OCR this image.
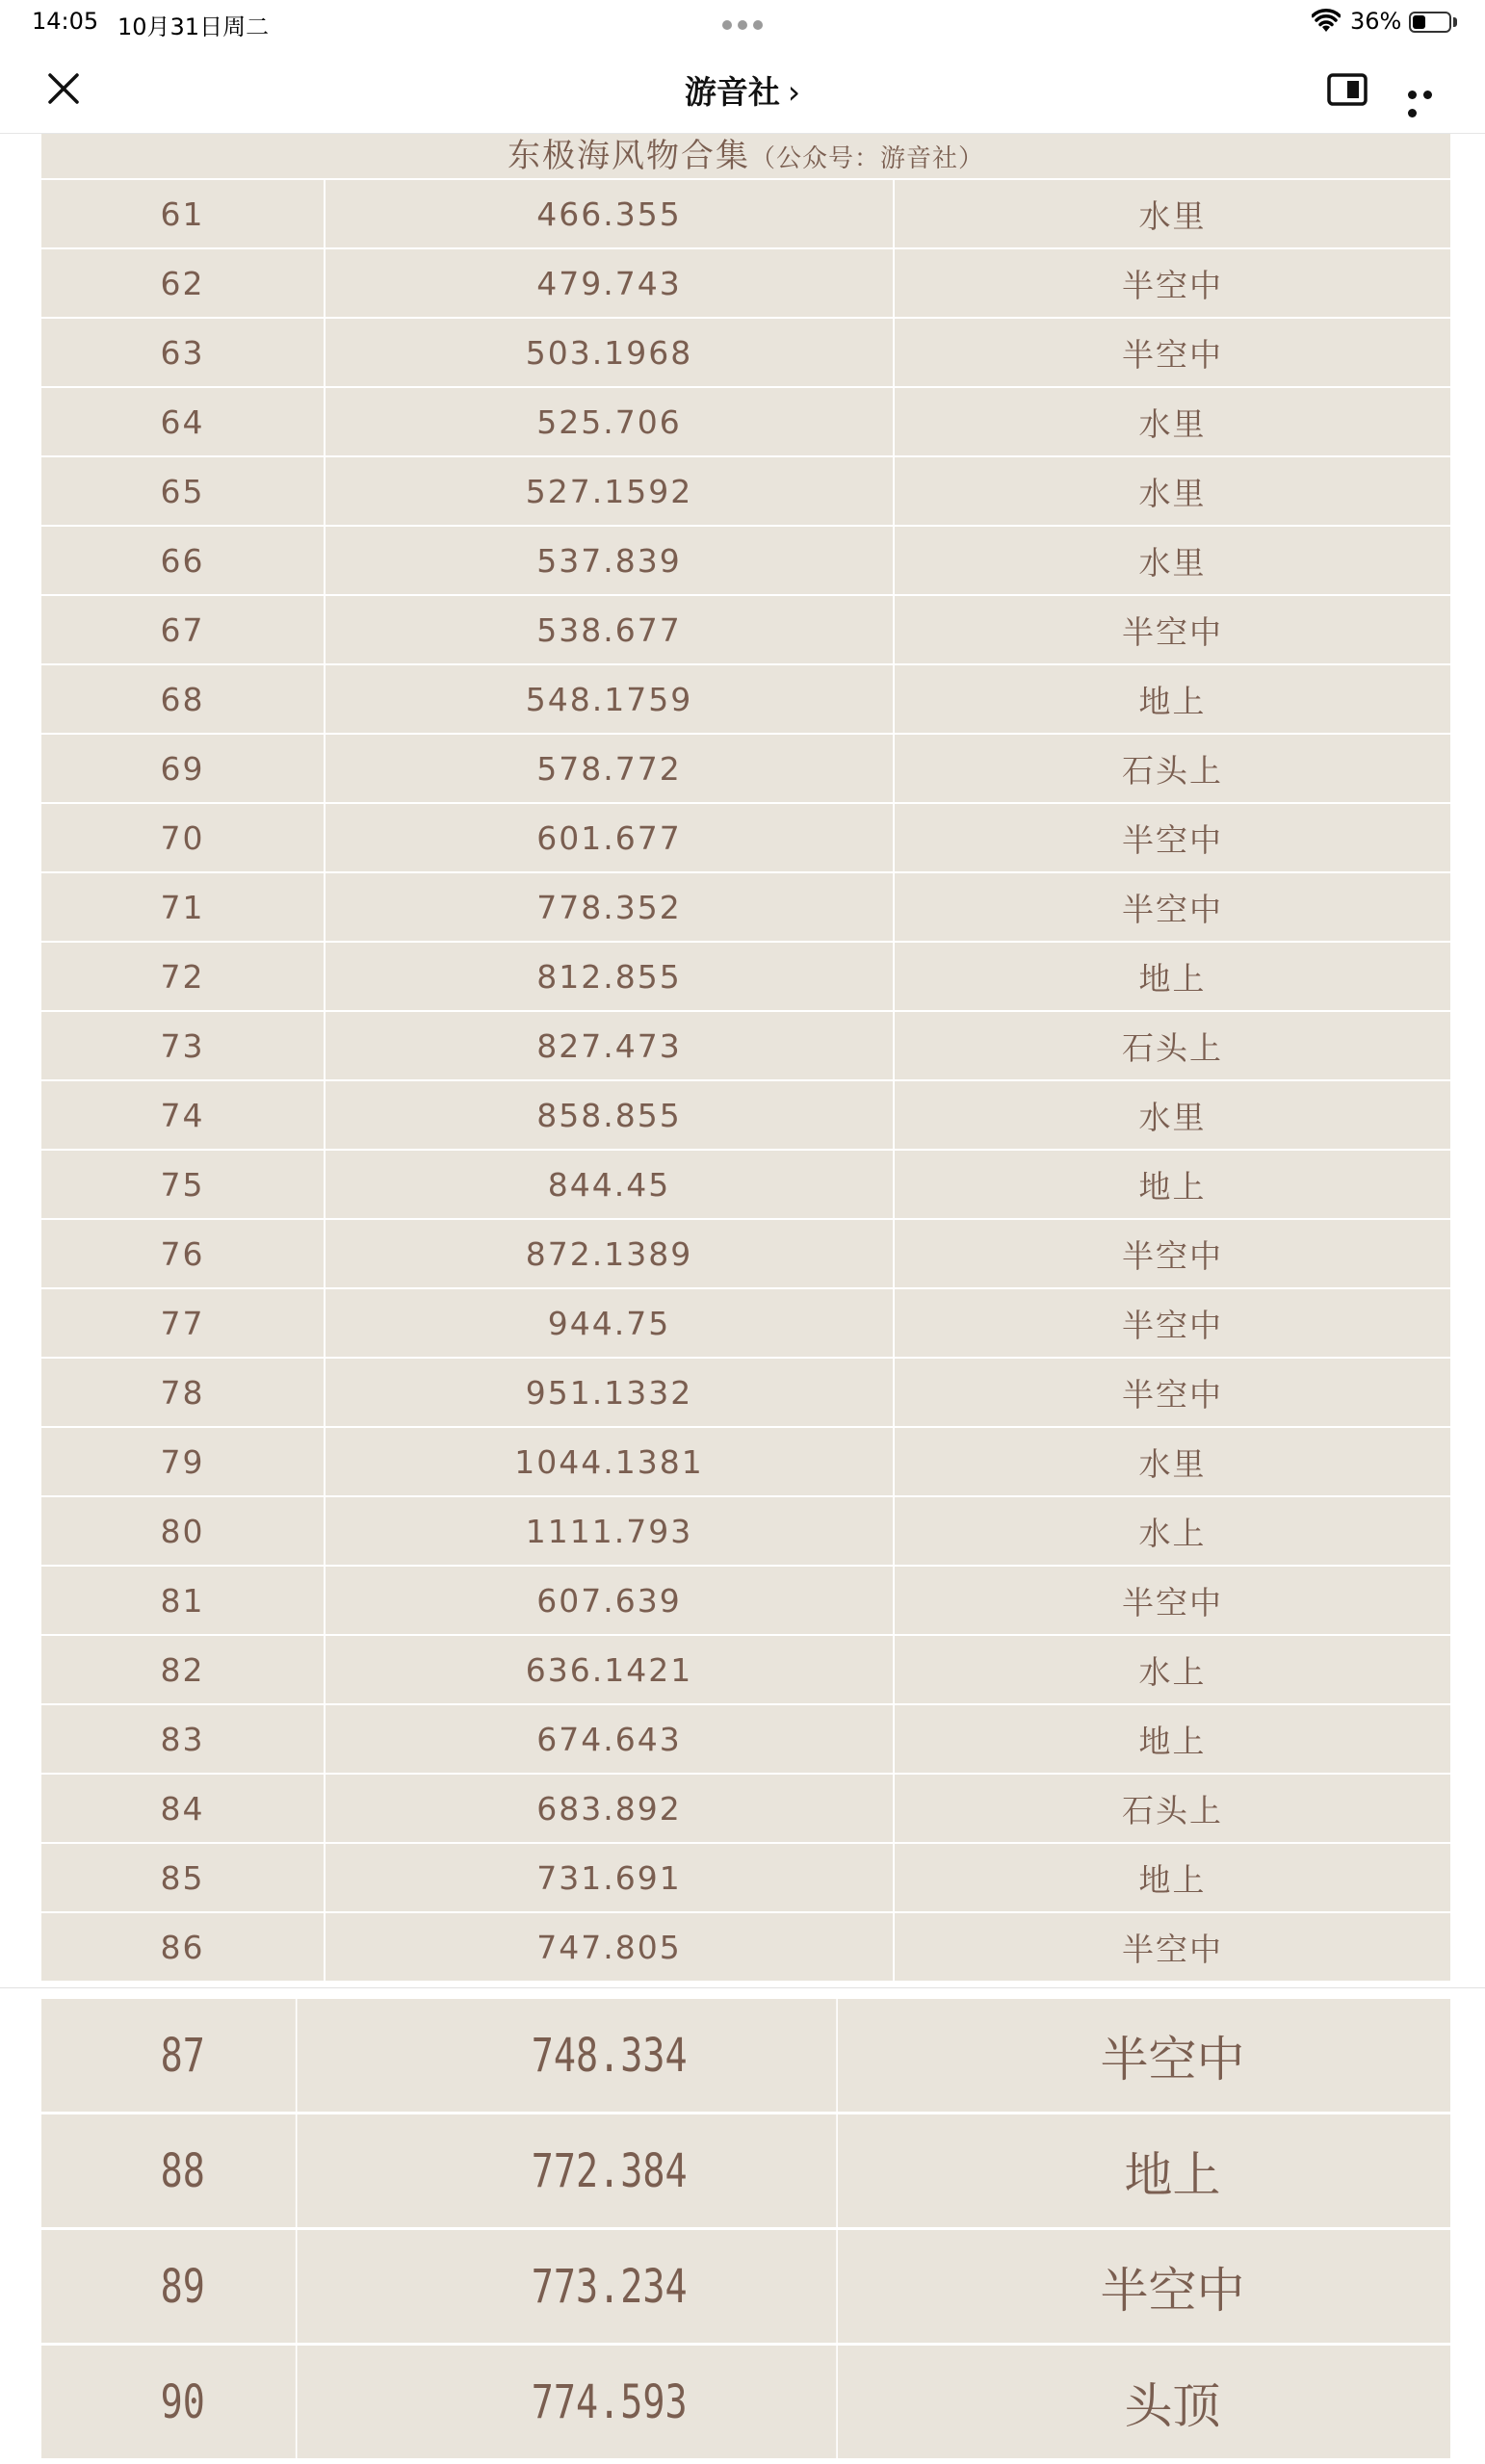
14:05 10月31日周二	36%
游音社 ›
东极海风物合集（公众号：游音社）
61	466.355	水里
62	479.743	半空中
63	503.1968	半空中
64	525.706	水里
65	527.1592	水里
66	537.839	水里
67	538.677	半空中
68	548.1759	地上
69	578.772	石头上
70	601.677	半空中
71	778.352	半空中
72	812.855	地上
73	827.473	石头上
74	858.855	水里
75	844.45	地上
76	872.1389	半空中
77	944.75	半空中
78	951.1332	半空中
79	1044.1381	水里
80	1111.793	水上
81	607.639	半空中
82	636.1421	水上
83	674.643	地上
84	683.892	石头上
85	731.691	地上
86	747.805	半空中
87	748.334	半空中
88	772.384	地上
89	773.234	半空中
90	774.593	头顶
